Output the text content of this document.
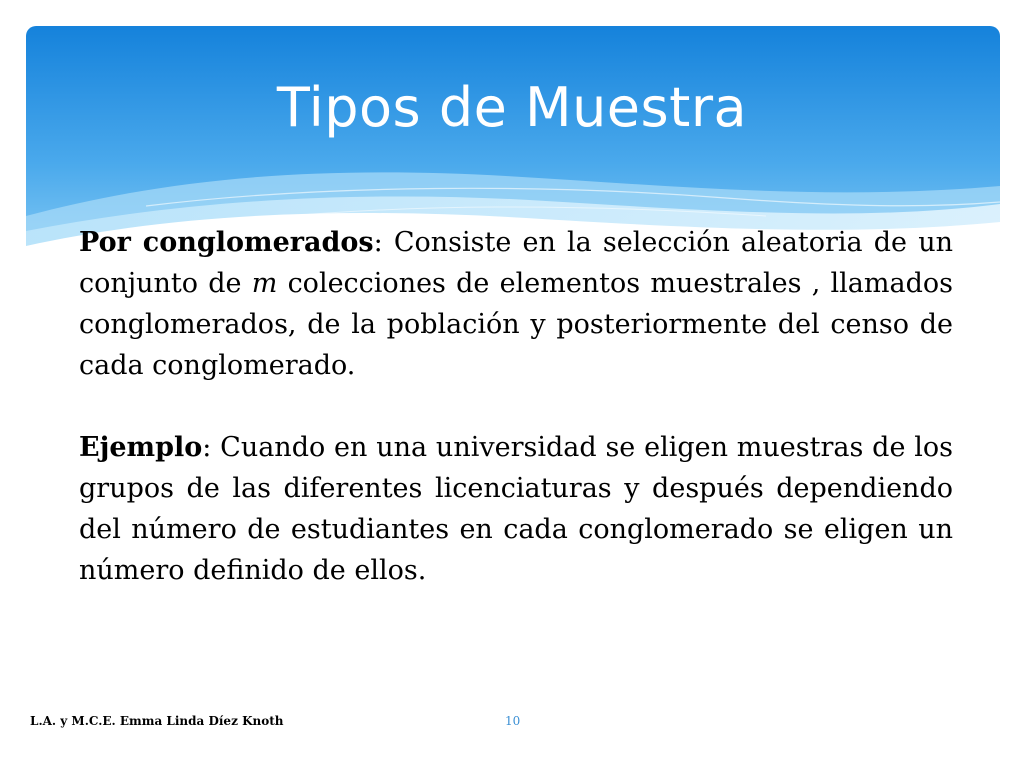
Tipos de Muestra

Por conglomerados: Consiste en la selección aleatoria de un conjunto de m colecciones de elementos muestrales , llamados conglomerados, de la población y posteriormente del censo de cada conglomerado.

Ejemplo: Cuando en una universidad se eligen muestras de los grupos de las diferentes licenciaturas y después dependiendo del número de estudiantes en cada conglomerado se eligen un número definido de ellos.

L.A. y M.C.E. Emma Linda Díez Knoth	10
